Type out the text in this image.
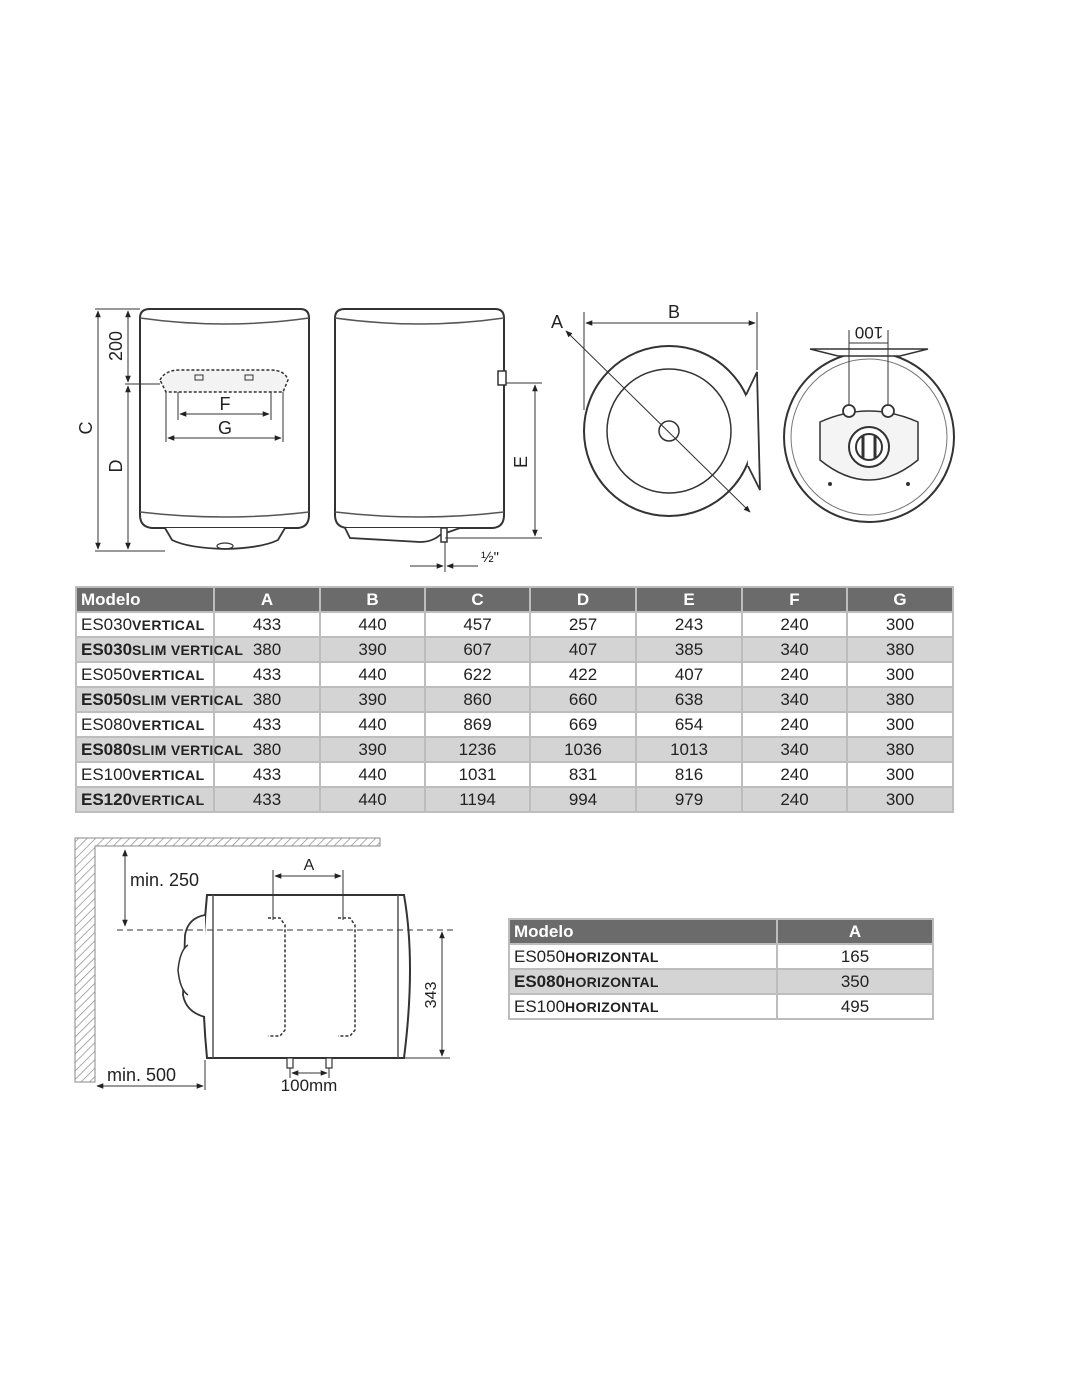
200
C
D
F
G
E
½"
A	B
100
min. 250
min. 500
A
343
100mm
Modelo	A	B	C	D	E	F	G
ES030VERTICAL	433	440	457	257	243	240	300
ES030SLIM VERTICAL	380	390	607	407	385	340	380
ES050VERTICAL	433	440	622	422	407	240	300
ES050SLIM VERTICAL	380	390	860	660	638	340	380
ES080VERTICAL	433	440	869	669	654	240	300
ES080SLIM VERTICAL	380	390	1236	1036	1013	340	380
ES100VERTICAL	433	440	1031	831	816	240	300
ES120VERTICAL	433	440	1194	994	979	240	300
Modelo	A
ES050HORIZONTAL	165
ES080HORIZONTAL	350
ES100HORIZONTAL	495
